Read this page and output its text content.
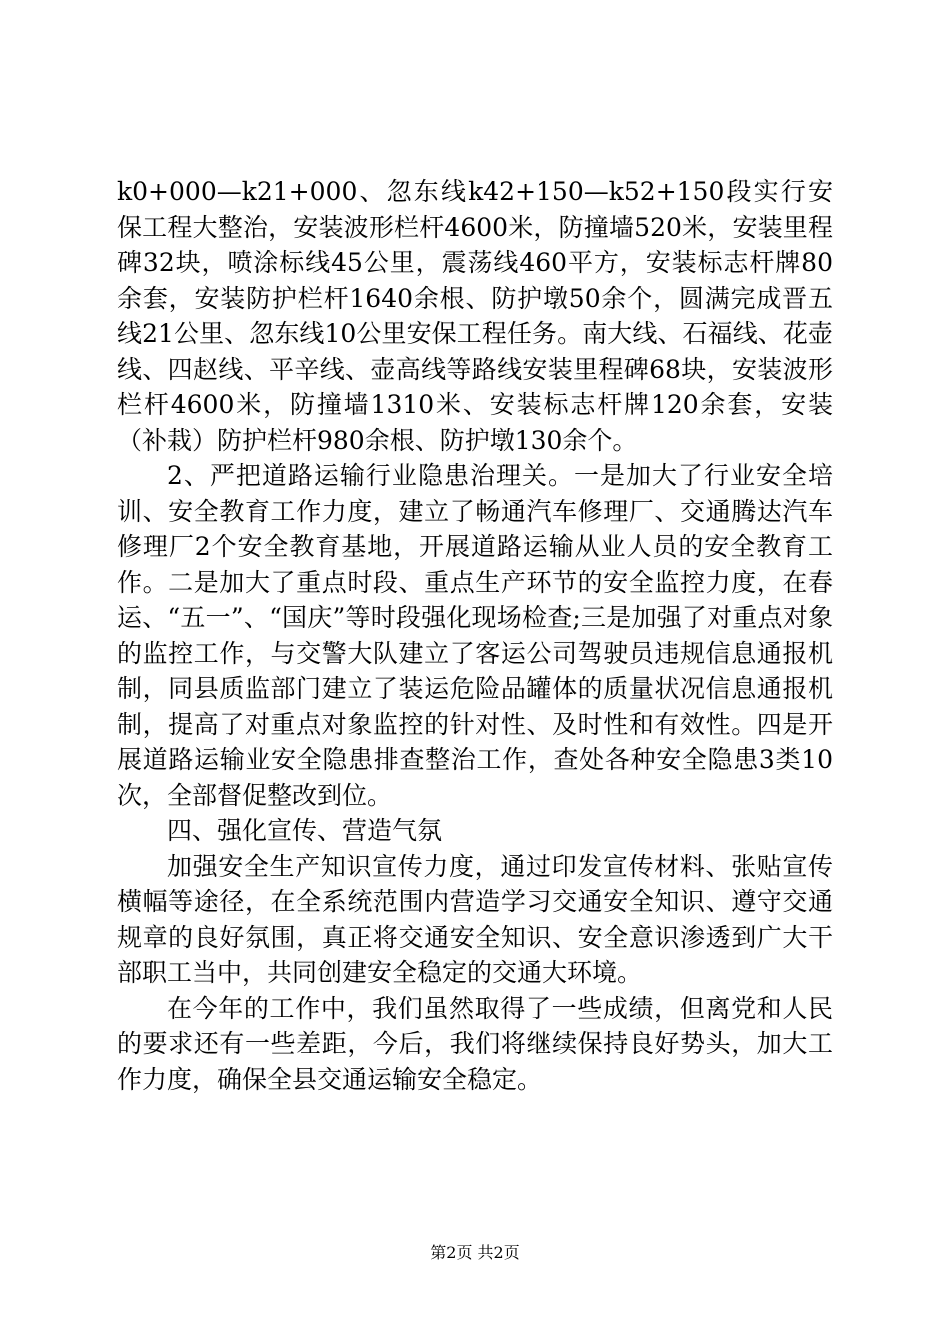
k0+000—k21+000、忽东线k42+150—k52+150段实行安保工程大整治，安装波形栏杆4600米，防撞墙520米，安装里程碑32块，喷涂标线45公里，震荡线460平方，安装标志杆牌80余套，安装防护栏杆1640余根、防护墩50余个，圆满完成晋五线21公里、忽东线10公里安保工程任务。南大线、石福线、花壶线、四赵线、平辛线、壶高线等路线安装里程碑68块，安装波形栏杆4600米，防撞墙1310米、安装标志杆牌120余套，安装（补栽）防护栏杆980余根、防护墩130余个。

2、严把道路运输行业隐患治理关。一是加大了行业安全培训、安全教育工作力度，建立了畅通汽车修理厂、交通腾达汽车修理厂2个安全教育基地，开展道路运输从业人员的安全教育工作。二是加大了重点时段、重点生产环节的安全监控力度，在春运、“五一”、“国庆”等时段强化现场检查;三是加强了对重点对象的监控工作，与交警大队建立了客运公司驾驶员违规信息通报机制，同县质监部门建立了装运危险品罐体的质量状况信息通报机制，提高了对重点对象监控的针对性、及时性和有效性。四是开展道路运输业安全隐患排查整治工作，查处各种安全隐患3类10次，全部督促整改到位。

四、强化宣传、营造气氛

加强安全生产知识宣传力度，通过印发宣传材料、张贴宣传横幅等途径，在全系统范围内营造学习交通安全知识、遵守交通规章的良好氛围，真正将交通安全知识、安全意识渗透到广大干部职工当中，共同创建安全稳定的交通大环境。

在今年的工作中，我们虽然取得了一些成绩，但离党和人民的要求还有一些差距，今后，我们将继续保持良好势头，加大工作力度，确保全县交通运输安全稳定。

第2页 共2页
